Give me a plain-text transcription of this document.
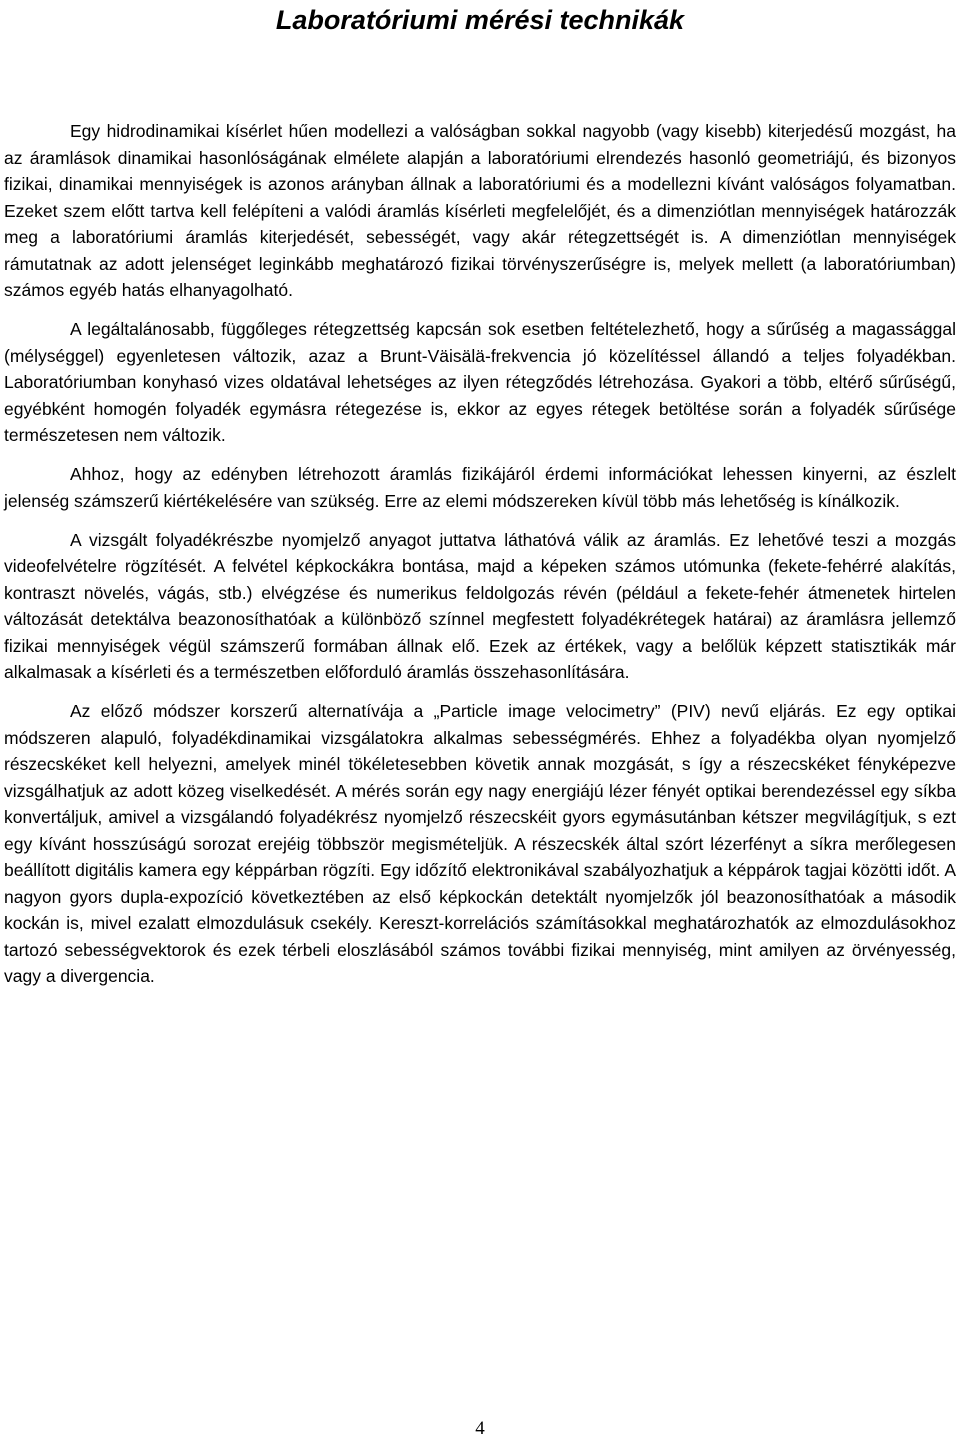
Laboratóriumi mérési technikák

Egy hidrodinamikai kísérlet hűen modellezi a valóságban sokkal nagyobb (vagy kisebb) kiterjedésű mozgást, ha az áramlások dinamikai hasonlóságának elmélete alapján a laboratóriumi elrendezés hasonló geometriájú, és bizonyos fizikai, dinamikai mennyiségek is azonos arányban állnak a laboratóriumi és a modellezni kívánt valóságos folyamatban. Ezeket szem előtt tartva kell felépíteni a valódi áramlás kísérleti megfelelőjét, és a dimenziótlan mennyiségek határozzák meg a laboratóriumi áramlás kiterjedését, sebességét, vagy akár rétegzettségét is. A dimenziótlan mennyiségek rámutatnak az adott jelenséget leginkább meghatározó fizikai törvényszerűségre is, melyek mellett (a laboratóriumban) számos egyéb hatás elhanyagolható.

A legáltalánosabb, függőleges rétegzettség kapcsán sok esetben feltételezhető, hogy a sűrűség a magassággal (mélységgel) egyenletesen változik, azaz a Brunt-Väisälä-frekvencia jó közelítéssel állandó a teljes folyadékban. Laboratóriumban konyhasó vizes oldatával lehetséges az ilyen rétegződés létrehozása. Gyakori a több, eltérő sűrűségű, egyébként homogén folyadék egymásra rétegezése is, ekkor az egyes rétegek betöltése során a folyadék sűrűsége természetesen nem változik.

Ahhoz, hogy az edényben létrehozott áramlás fizikájáról érdemi információkat lehessen kinyerni, az észlelt jelenség számszerű kiértékelésére van szükség. Erre az elemi módszereken kívül több más lehetőség is kínálkozik.

A vizsgált folyadékrészbe nyomjelző anyagot juttatva láthatóvá válik az áramlás. Ez lehetővé teszi a mozgás videofelvételre rögzítését. A felvétel képkockákra bontása, majd a képeken számos utómunka (fekete-fehérré alakítás, kontraszt növelés, vágás, stb.) elvégzése és numerikus feldolgozás révén (például a fekete-fehér átmenetek hirtelen változását detektálva beazonosíthatóak a különböző színnel megfestett folyadékrétegek határai) az áramlásra jellemző fizikai mennyiségek végül számszerű formában állnak elő. Ezek az értékek, vagy a belőlük képzett statisztikák már alkalmasak a kísérleti és a természetben előforduló áramlás összehasonlítására.

Az előző módszer korszerű alternatívája a „Particle image velocimetry” (PIV) nevű eljárás. Ez egy optikai módszeren alapuló, folyadékdinamikai vizsgálatokra alkalmas sebességmérés. Ehhez a folyadékba olyan nyomjelző részecskéket kell helyezni, amelyek minél tökéletesebben követik annak mozgását, s így a részecskéket fényképezve vizsgálhatjuk az adott közeg viselkedését. A mérés során egy nagy energiájú lézer fényét optikai berendezéssel egy síkba konvertáljuk, amivel a vizsgálandó folyadékrész nyomjelző részecskéit gyors egymásutánban kétszer megvilágítjuk, s ezt egy kívánt hosszúságú sorozat erejéig többször megismételjük. A részecskék által szórt lézerfényt a síkra merőlegesen beállított digitális kamera egy képpárban rögzíti. Egy időzítő elektronikával szabályozhatjuk a képpárok tagjai közötti időt. A nagyon gyors dupla-expozíció következtében az első képkockán detektált nyomjelzők jól beazonosíthatóak a második kockán is, mivel ezalatt elmozdulásuk csekély. Kereszt-korrelációs számításokkal meghatározhatók az elmozdulásokhoz tartozó sebességvektorok és ezek térbeli eloszlásából számos további fizikai mennyiség, mint amilyen az örvényesség, vagy a divergencia.

4
